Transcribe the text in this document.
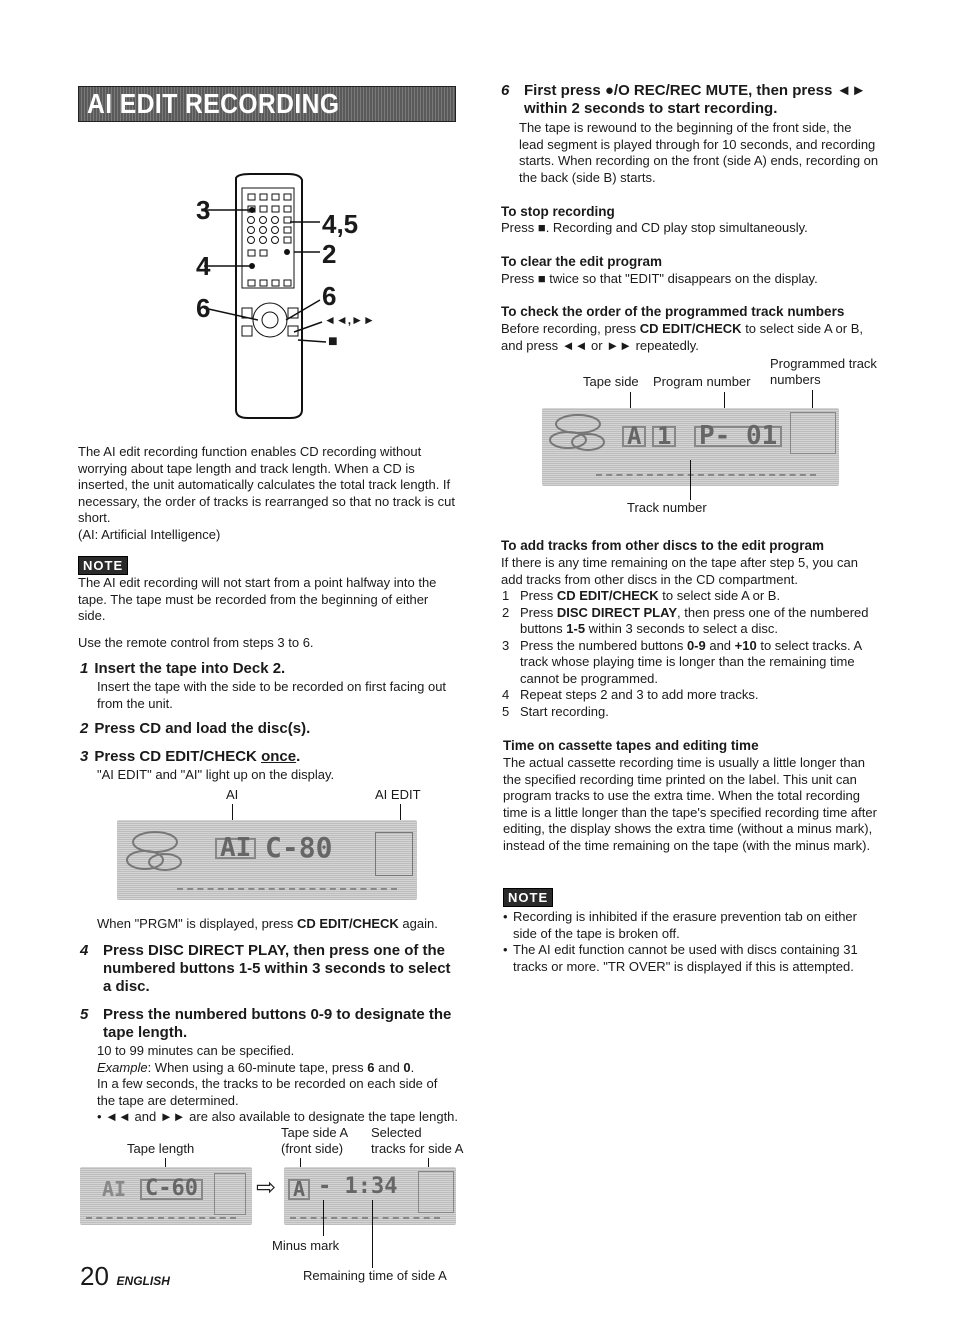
AI EDIT RECORDING
3
4
6
4,5
2
6
◄◄,►►
■

The AI edit recording function enables CD recording without worrying about tape length and track length. When a CD is inserted, the unit automatically calculates the total track length. If necessary, the order of tracks is rearranged so that no track is cut short.

(AI: Artificial Intelligence)

NOTE

The AI edit recording will not start from a point halfway into the tape. The tape must be recorded from the beginning of either side.

Use the remote control from steps 3 to 6.

1 Insert the tape into Deck 2.

Insert the tape with the side to be recorded on first facing out from the unit.

2 Press CD and load the disc(s).
3 Press CD EDIT/CHECK once.

"AI EDIT" and "AI" light up on the display.

AI	AI EDIT
AI C-80

When "PRGM" is displayed, press CD EDIT/CHECK again.

4 Press DISC DIRECT PLAY, then press one of the numbered buttons 1-5 within 3 seconds to select a disc.
5 Press the numbered buttons 0-9 to designate the tape length.

10 to 99 minutes can be specified.

Example: When using a 60-minute tape, press 6 and 0.

In a few seconds, the tracks to be recorded on each side of the tape are determined.

• ◄◄ and ►► are also available to designate the tape length.

Tape side A Selected
Tape length	(front side) tracks for side A
AI C-60 ⇨ A - 1:34
Minus mark
Remaining time of side A
20 ENGLISH
6 First press ●/O REC/REC MUTE, then press ◄►
within 2 seconds to start recording.

The tape is rewound to the beginning of the front side, the lead segment is played through for 10 seconds, and recording starts. When recording on the front (side A) ends, recording on the back (side B) starts.

To stop recording

Press ■. Recording and CD play stop simultaneously.

To clear the edit program

Press ■ twice so that "EDIT" disappears on the display.

To check the order of the programmed track numbers

Before recording, press CD EDIT/CHECK to select side A or B, and press ◄◄ or ►► repeatedly.

Programmed track
numbers
Tape side Program number
A 1 P- 01
Track number
To add tracks from other discs to the edit program

If there is any time remaining on the tape after step 5, you can add tracks from other discs in the CD compartment.

1 Press CD EDIT/CHECK to select side A or B.
2 Press DISC DIRECT PLAY, then press one of the numbered buttons 1-5 within 3 seconds to select a disc.
3 Press the numbered buttons 0-9 and +10 to select tracks. A track whose playing time is longer than the remaining time cannot be programmed.
4 Repeat steps 2 and 3 to add more tracks.
5 Start recording.
Time on cassette tapes and editing time

The actual cassette recording time is usually a little longer than the specified recording time printed on the label. This unit can program tracks to use the extra time. When the total recording time is a little longer than the tape's specified recording time after editing, the display shows the extra time (without a minus mark), instead of the time remaining on the tape (with the minus mark).

NOTE
• Recording is inhibited if the erasure prevention tab on either side of the tape is broken off.
• The AI edit function cannot be used with discs containing 31 tracks or more. "TR OVER" is displayed if this is attempted.
